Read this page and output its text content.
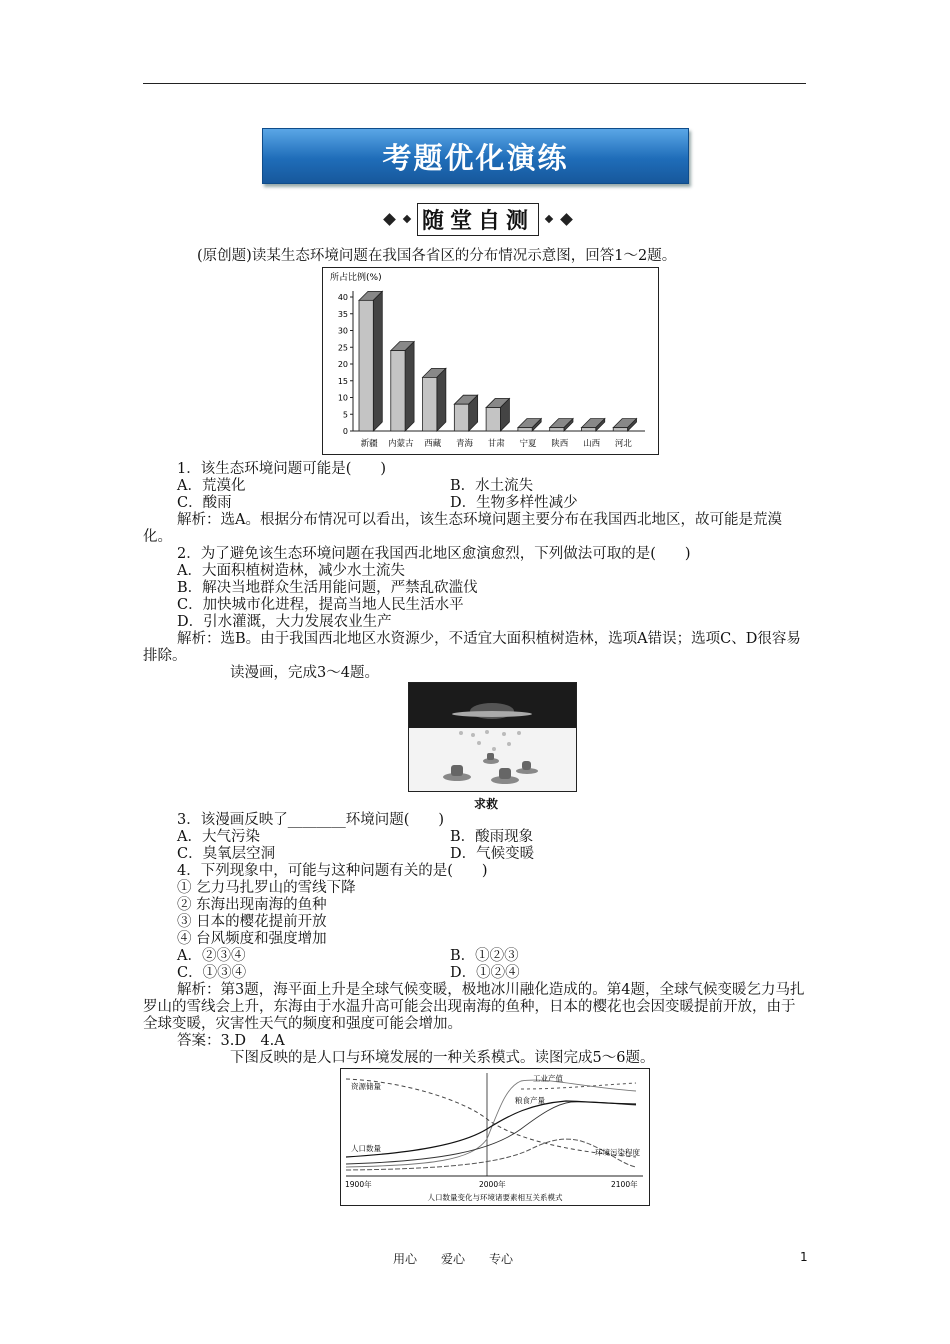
考题优化演练
随堂自测
(原创题)读某生态环境问题在我国各省区的分布情况示意图，回答1～2题。
所占比例(%)
0
5
10
15
20
25
30
35
40
新疆 内蒙古 西藏 青海 甘肃 宁夏 陕西 山西 河北
1．该生态环境问题可能是(　　)
A．荒漠化	B．水土流失
C．酸雨	D．生物多样性减少
解析：选A。根据分布情况可以看出，该生态环境问题主要分布在我国西北地区，故可能是荒漠化。
2．为了避免该生态环境问题在我国西北地区愈演愈烈，下列做法可取的是(　　)
A．大面积植树造林，减少水土流失
B．解决当地群众生活用能问题，严禁乱砍滥伐
C．加快城市化进程，提高当地人民生活水平
D．引水灌溉，大力发展农业生产
解析：选B。由于我国西北地区水资源少，不适宜大面积植树造林，选项A错误；选项C、D很容易排除。
读漫画，完成3～4题。
求救
3．该漫画反映了________环境问题(　　)
A．大气污染	B．酸雨现象
C．臭氧层空洞	D．气候变暖
4．下列现象中，可能与这种问题有关的是(　　)
① 乞力马扎罗山的雪线下降
② 东海出现南海的鱼种
③ 日本的樱花提前开放
④ 台风频度和强度增加
A．②③④	B．①②③
C．①③④	D．①②④
解析：第3题，海平面上升是全球气候变暖，极地冰川融化造成的。第4题，全球气候变暖乞力马扎罗山的雪线会上升，东海由于水温升高可能会出现南海的鱼种，日本的樱花也会因变暖提前开放，由于全球变暖，灾害性天气的频度和强度可能会增加。
答案：3.D　4.A
下图反映的是人口与环境发展的一种关系模式。读图完成5～6题。
资源储量
工业产值
粮食产量
人口数量	环境污染程度
1900年	2000年	2100年
人口数量变化与环境诸要素相互关系模式
用心　　爱心　　专心	1
